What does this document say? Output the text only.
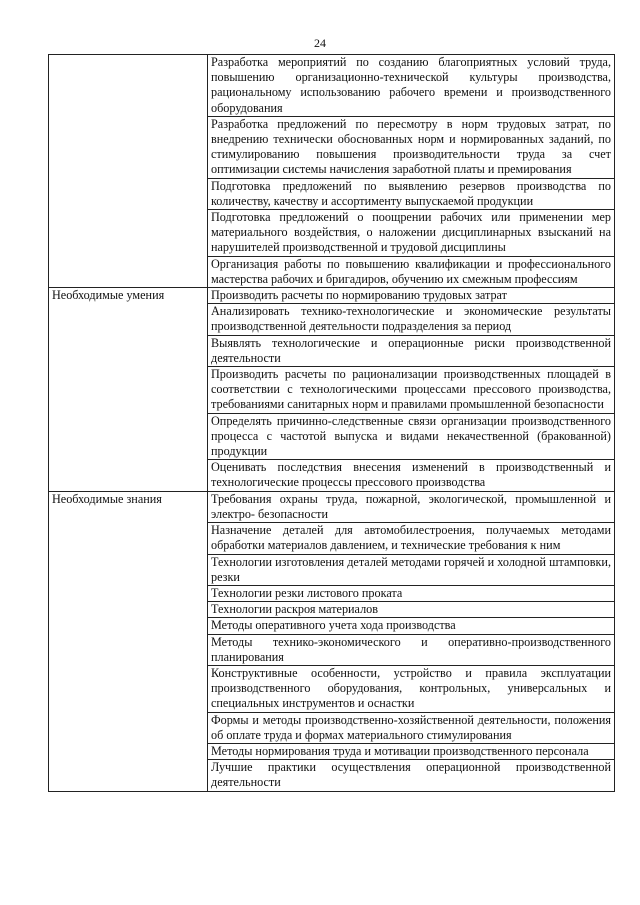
24
	Разработка мероприятий по созданию благоприятных условий труда, повышению организационно-технической культуры производства, рациональному использованию рабочего времени и производственного оборудования
	Разработка предложений по пересмотру в норм трудовых затрат, по внедрению технически обоснованных норм и нормированных заданий, по стимулированию повышения производительности труда за счет оптимизации системы начисления заработной платы и премирования
	Подготовка предложений по выявлению резервов производства по количеству, качеству и ассортименту выпускаемой продукции
	Подготовка предложений о поощрении рабочих или применении мер материального воздействия, о наложении дисциплинарных взысканий на нарушителей производственной и трудовой дисциплины
	Организация работы по повышению квалификации и профессионального мастерства рабочих и бригадиров, обучению их смежным профессиям
Необходимые умения	Производить расчеты по нормированию трудовых затрат
	Анализировать технико-технологические и экономические результаты производственной деятельности подразделения за период
	Выявлять технологические и операционные риски производственной деятельности
	Производить расчеты по рационализации производственных площадей в соответствии с технологическими процессами прессового производства, требованиями санитарных норм и правилами промышленной безопасности
	Определять причинно-следственные связи организации производственного процесса с частотой выпуска и видами некачественной (бракованной) продукции
	Оценивать последствия внесения изменений в производственный и технологические процессы прессового производства
Необходимые знания	Требования охраны труда, пожарной, экологической, промышленной и электро- безопасности
	Назначение деталей для автомобилестроения, получаемых методами обработки материалов давлением, и технические требования к ним
	Технологии изготовления деталей методами горячей и холодной штамповки, резки
	Технологии резки листового проката
	Технологии раскроя материалов
	Методы оперативного учета хода производства
	Методы технико-экономического и оперативно-производственного планирования
	Конструктивные особенности, устройство и правила эксплуатации производственного оборудования, контрольных, универсальных и специальных инструментов и оснастки
	Формы и методы производственно-хозяйственной деятельности, положения об оплате труда и формах материального стимулирования
	Методы нормирования труда и мотивации производственного персонала
	Лучшие практики осуществления операционной производственной деятельности
